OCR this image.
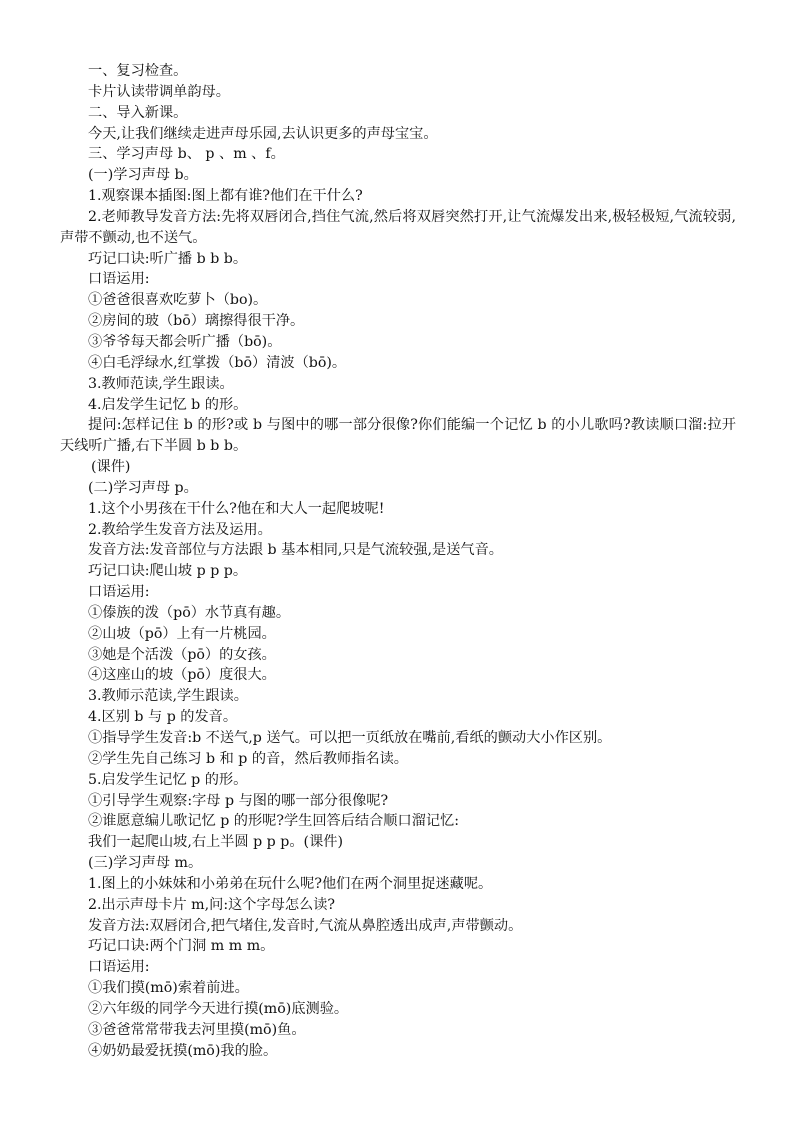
一、复习检查。

卡片认读带调单韵母。

二、导入新课。

今天,让我们继续走进声母乐园,去认识更多的声母宝宝。

三、学习声母 b、 p 、m 、f。

(一)学习声母 b。

1.观察课本插图:图上都有谁?他们在干什么?

2.老师教导发音方法:先将双唇闭合,挡住气流,然后将双唇突然打开,让气流爆发出来,极轻极短,气流较弱,声带不颤动,也不送气。

巧记口诀:听广播 b b b。

口语运用:

①爸爸很喜欢吃萝卜（bo)。

②房间的玻（bō）璃擦得很干净。

③爷爷每天都会听广播（bō)。

④白毛浮绿水,红掌拨（bō）清波（bō)。

3.教师范读,学生跟读。

4.启发学生记忆 b 的形。

提问:怎样记住 b 的形?或 b 与图中的哪一部分很像?你们能编一个记忆 b 的小儿歌吗?教读顺口溜:拉开天线听广播,右下半圆 b b b。

(课件)

(二)学习声母 p。

1.这个小男孩在干什么?他在和大人一起爬坡呢!

2.教给学生发音方法及运用。

发音方法:发音部位与方法跟 b 基本相同,只是气流较强,是送气音。

巧记口诀:爬山坡 p p p。

口语运用:

①傣族的泼（pō）水节真有趣。

②山坡（pō）上有一片桃园。

③她是个活泼（pō）的女孩。

④这座山的坡（pō）度很大。

3.教师示范读,学生跟读。

4.区别 b 与 p 的发音。

①指导学生发音:b 不送气,p 送气。可以把一页纸放在嘴前,看纸的颤动大小作区别。

②学生先自己练习 b 和 p 的音，然后教师指名读。

5.启发学生记忆 p 的形。

①引导学生观察:字母 p 与图的哪一部分很像呢?

②谁愿意编儿歌记忆 p 的形呢?学生回答后结合顺口溜记忆:

我们一起爬山坡,右上半圆 p p p。(课件)

(三)学习声母 m。

1.图上的小妹妹和小弟弟在玩什么呢?他们在两个洞里捉迷藏呢。

2.出示声母卡片 m,问:这个字母怎么读?

发音方法:双唇闭合,把气堵住,发音时,气流从鼻腔透出成声,声带颤动。

巧记口诀:两个门洞 m m m。

口语运用:

①我们摸(mō)索着前进。

②六年级的同学今天进行摸(mō)底测验。

③爸爸常常带我去河里摸(mō)鱼。

④奶奶最爱抚摸(mō)我的脸。
